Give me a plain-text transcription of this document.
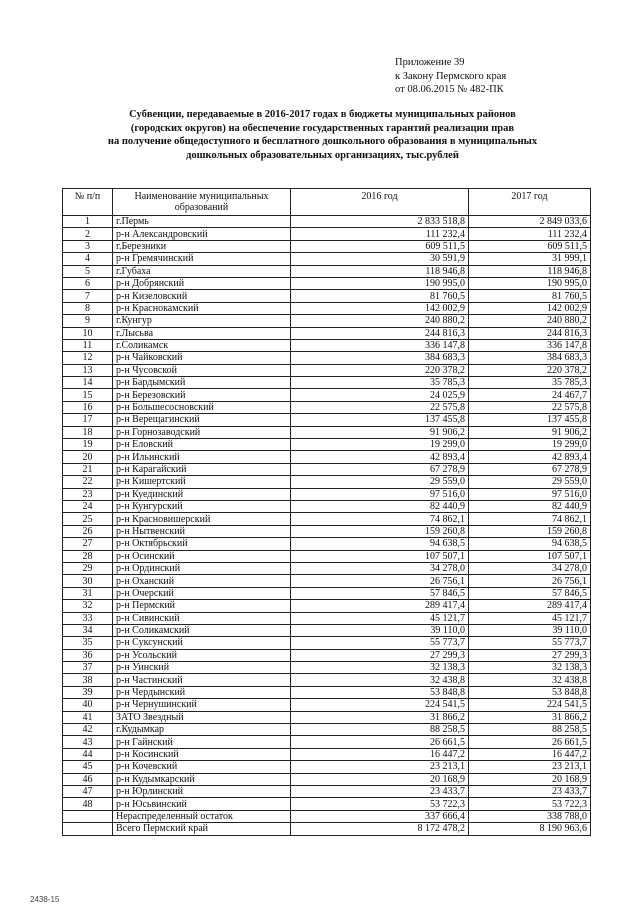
Приложение 39
к Закону Пермского края
от 08.06.2015 № 482-ПК
Субвенции, передаваемые в 2016-2017 годах в бюджеты муниципальных районов
(городских округов) на обеспечение государственных гарантий реализации прав
на получение общедоступного и бесплатного дошкольного образования в муниципальных
дошкольных образовательных организациях, тыс.рублей
№ п/п	Наименование муниципальных образований	2016 год	2017 год
1	г.Пермь	2 833 518,8	2 849 033,6
2	р-н Александровский	111 232,4	111 232,4
3	г.Березники	609 511,5	609 511,5
4	р-н Гремячинский	30 591,9	31 999,1
5	г.Губаха	118 946,8	118 946,8
6	р-н Добрянский	190 995,0	190 995,0
7	р-н Кизеловский	81 760,5	81 760,5
8	р-н Краснокамский	142 002,9	142 002,9
9	г.Кунгур	240 880,2	240 880,2
10	г.Лысьва	244 816,3	244 816,3
11	г.Соликамск	336 147,8	336 147,8
12	р-н Чайковский	384 683,3	384 683,3
13	р-н Чусовской	220 378,2	220 378,2
14	р-н Бардымский	35 785,3	35 785,3
15	р-н Березовский	24 025,9	24 467,7
16	р-н Большесосновский	22 575,8	22 575,8
17	р-н Верещагинский	137 455,8	137 455,8
18	р-н Горнозаводский	91 906,2	91 906,2
19	р-н Еловский	19 299,0	19 299,0
20	р-н Ильинский	42 893,4	42 893,4
21	р-н Карагайский	67 278,9	67 278,9
22	р-н Кишертский	29 559,0	29 559,0
23	р-н Куединский	97 516,0	97 516,0
24	р-н Кунгурский	82 440,9	82 440,9
25	р-н Красновишерский	74 862,1	74 862,1
26	р-н Нытвенский	159 260,8	159 260,8
27	р-н Октябрьский	94 638,5	94 638,5
28	р-н Осинский	107 507,1	107 507,1
29	р-н Ординский	34 278,0	34 278,0
30	р-н Оханский	26 756,1	26 756,1
31	р-н Очерский	57 846,5	57 846,5
32	р-н Пермский	289 417,4	289 417,4
33	р-н Сивинский	45 121,7	45 121,7
34	р-н Соликамский	39 110,0	39 110,0
35	р-н Суксунский	55 773,7	55 773,7
36	р-н Усольский	27 299,3	27 299,3
37	р-н Уинский	32 138,3	32 138,3
38	р-н Частинский	32 438,8	32 438,8
39	р-н Чердынский	53 848,8	53 848,8
40	р-н Чернушинский	224 541,5	224 541,5
41	ЗАТО Звездный	31 866,2	31 866,2
42	г.Кудымкар	88 258,5	88 258,5
43	р-н Гайнский	26 661,5	26 661,5
44	р-н Косинский	16 447,2	16 447,2
45	р-н Кочевский	23 213,1	23 213,1
46	р-н Кудымкарский	20 168,9	20 168,9
47	р-н Юрлинский	23 433,7	23 433,7
48	р-н Юсьвинский	53 722,3	53 722,3
	Нераспределенный остаток	337 666,4	338 788,0
	Всего Пермский край	8 172 478,2	8 190 963,6
2438-15
